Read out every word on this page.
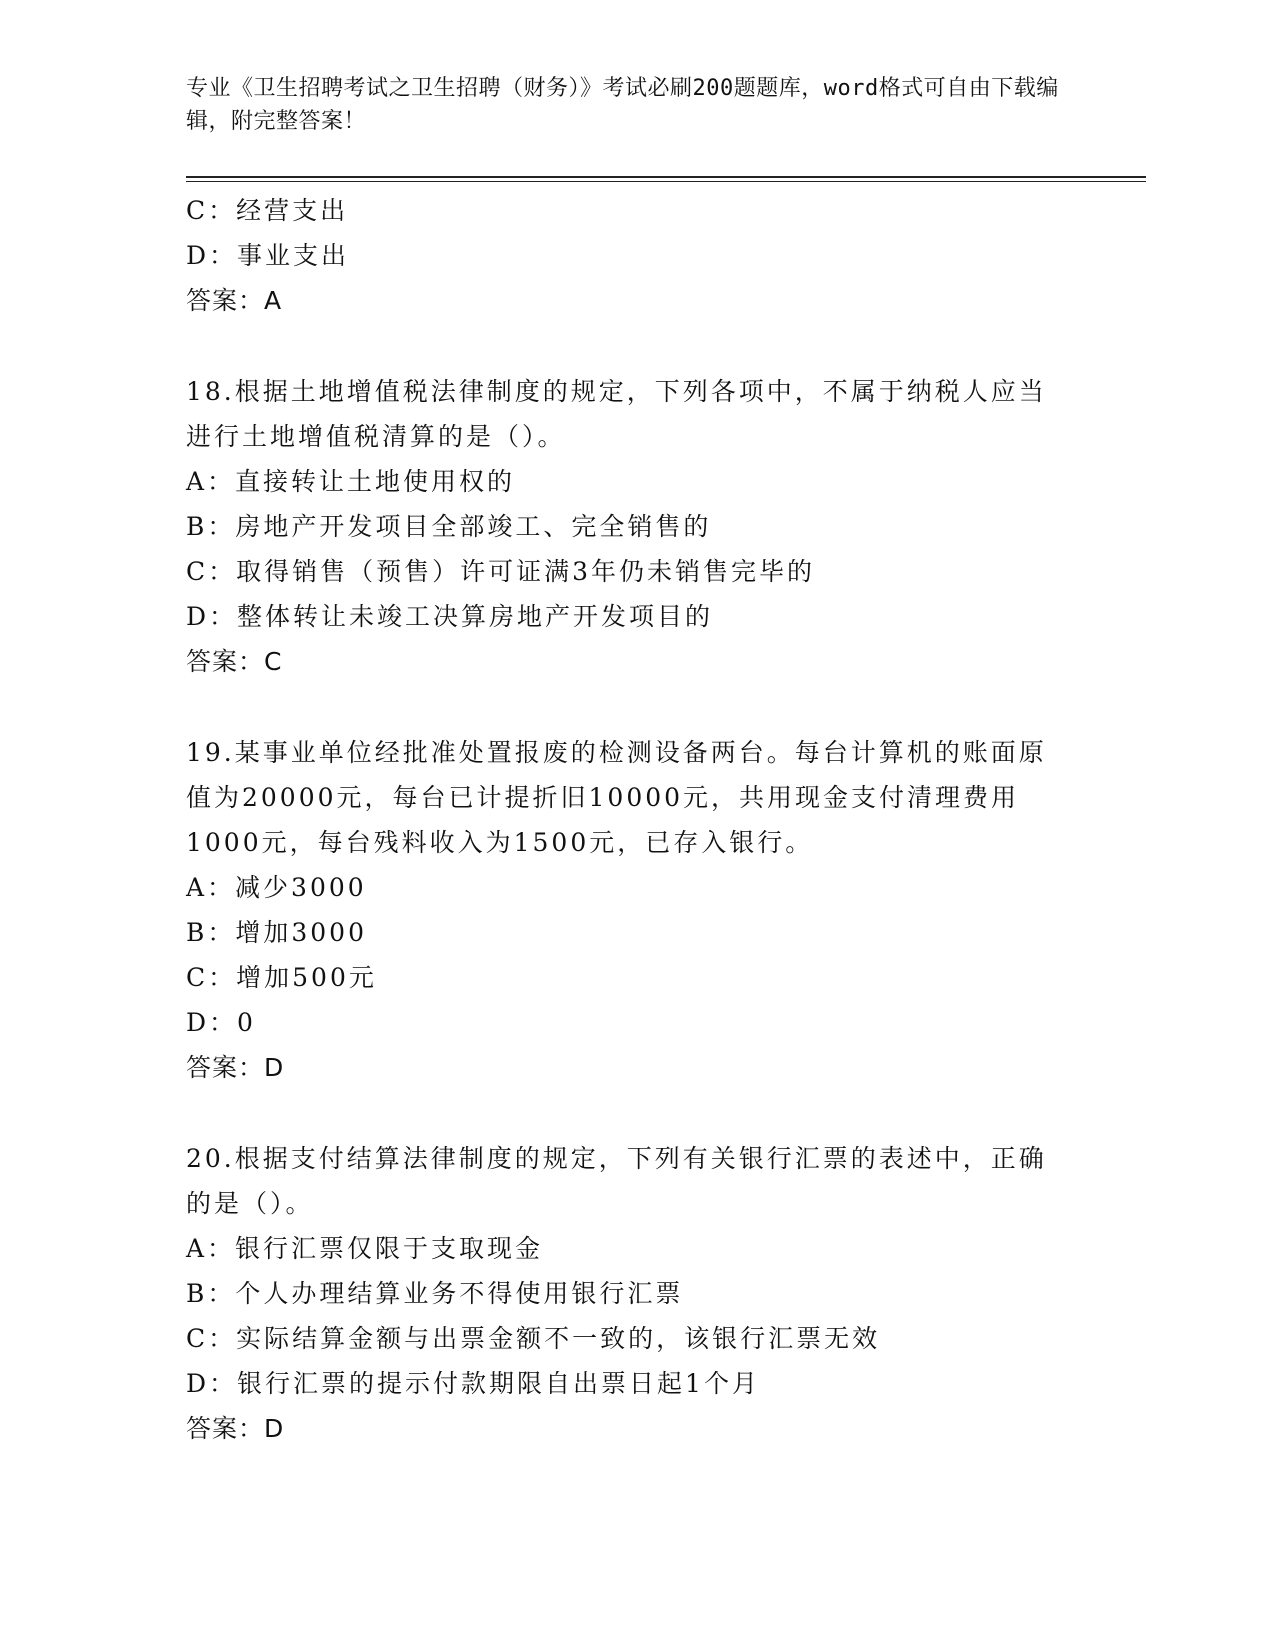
专业《卫生招聘考试之卫生招聘（财务）》考试必刷200题题库，word格式可自由下载编辑，附完整答案！
C：经营支出
D：事业支出
答案：A
18.根据土地增值税法律制度的规定，下列各项中，不属于纳税人应当进行土地增值税清算的是（）。
A：直接转让土地使用权的
B：房地产开发项目全部竣工、完全销售的
C：取得销售（预售）许可证满3年仍未销售完毕的
D：整体转让未竣工决算房地产开发项目的
答案：C
19.某事业单位经批准处置报废的检测设备两台。每台计算机的账面原值为20000元，每台已计提折旧10000元，共用现金支付清理费用1000元，每台残料收入为1500元，已存入银行。
A：减少3000
B：增加3000
C：增加500元
D：0
答案：D
20.根据支付结算法律制度的规定，下列有关银行汇票的表述中，正确的是（）。
A：银行汇票仅限于支取现金
B：个人办理结算业务不得使用银行汇票
C：实际结算金额与出票金额不一致的，该银行汇票无效
D：银行汇票的提示付款期限自出票日起1个月
答案：D
